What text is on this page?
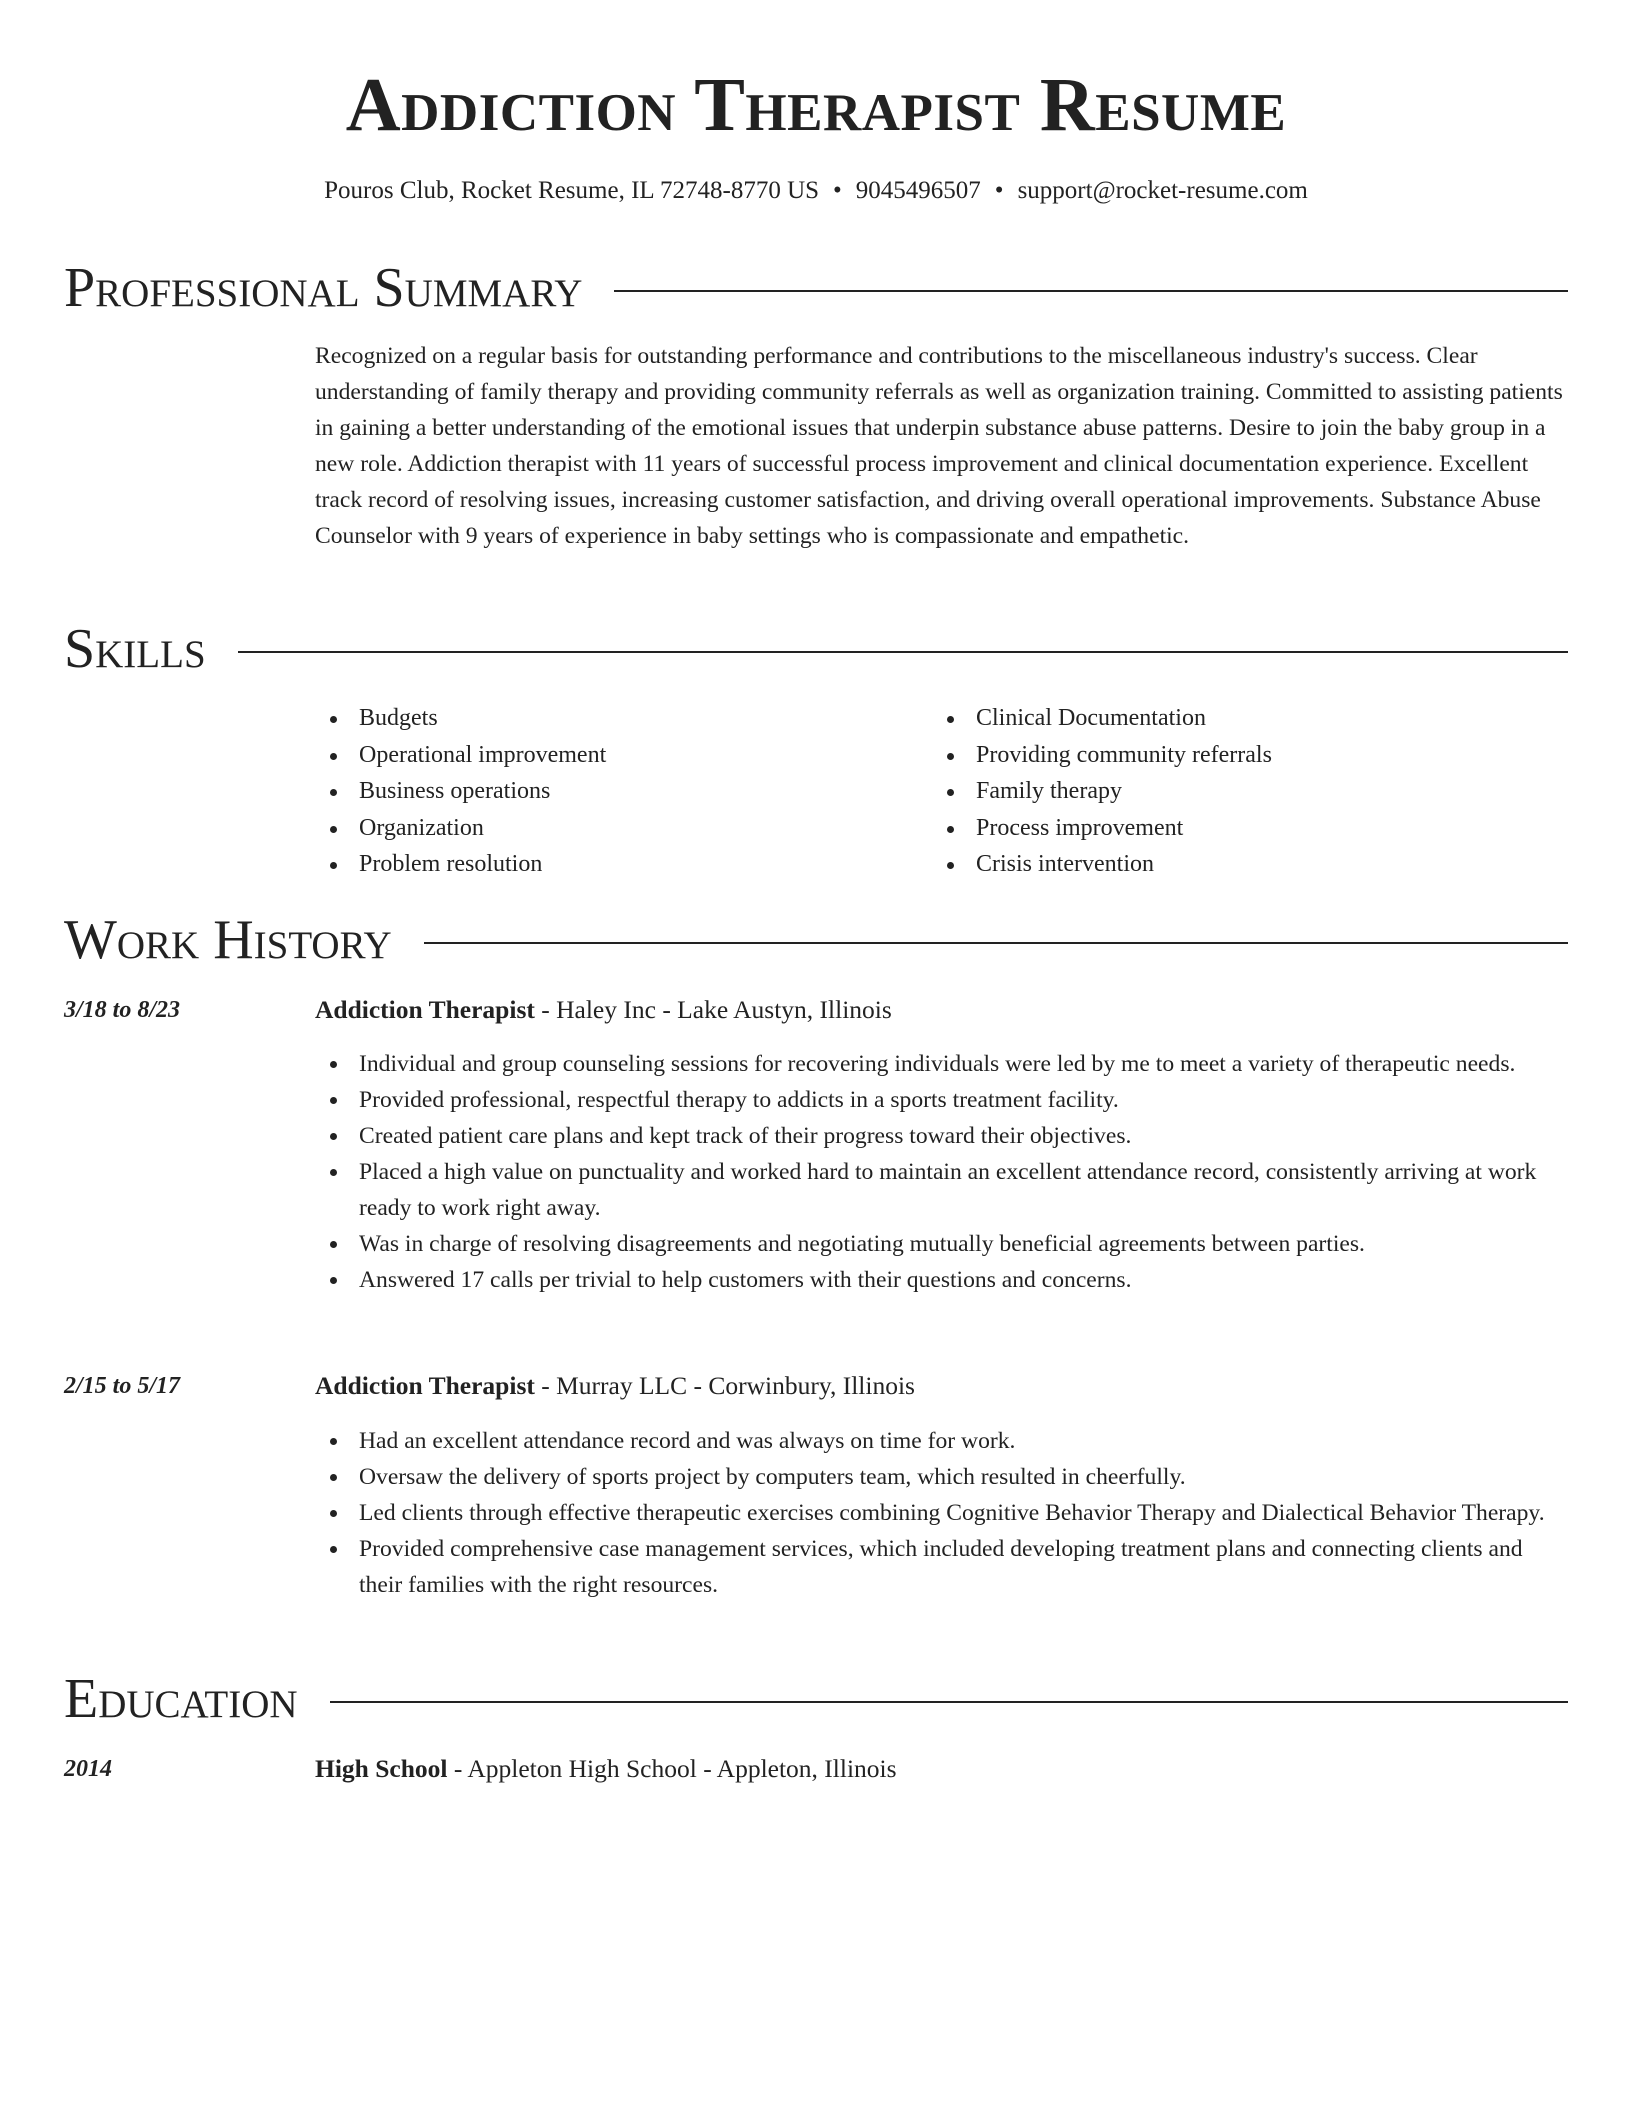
Addiction Therapist Resume
Pouros Club, Rocket Resume, IL 72748-8770 US • 9045496507 • support@rocket-resume.com
Professional Summary

Recognized on a regular basis for outstanding performance and contributions to the miscellaneous industry's success. Clear understanding of family therapy and providing community referrals as well as organization training. Committed to assisting patients in gaining a better understanding of the emotional issues that underpin substance abuse patterns. Desire to join the baby group in a new role. Addiction therapist with 11 years of successful process improvement and clinical documentation experience. Excellent track record of resolving issues, increasing customer satisfaction, and driving overall operational improvements. Substance Abuse Counselor with 9 years of experience in baby settings who is compassionate and empathetic.

Skills
Budgets
Operational improvement
Business operations
Organization
Problem resolution
Clinical Documentation
Providing community referrals
Family therapy
Process improvement
Crisis intervention
Work History
3/18 to 8/23	Addiction Therapist - Haley Inc - Lake Austyn, Illinois
Individual and group counseling sessions for recovering individuals were led by me to meet a variety of therapeutic needs.
Provided professional, respectful therapy to addicts in a sports treatment facility.
Created patient care plans and kept track of their progress toward their objectives.
Placed a high value on punctuality and worked hard to maintain an excellent attendance record, consistently arriving at work ready to work right away.
Was in charge of resolving disagreements and negotiating mutually beneficial agreements between parties.
Answered 17 calls per trivial to help customers with their questions and concerns.
2/15 to 5/17	Addiction Therapist - Murray LLC - Corwinbury, Illinois
Had an excellent attendance record and was always on time for work.
Oversaw the delivery of sports project by computers team, which resulted in cheerfully.
Led clients through effective therapeutic exercises combining Cognitive Behavior Therapy and Dialectical Behavior Therapy.
Provided comprehensive case management services, which included developing treatment plans and connecting clients and their families with the right resources.
Education
2014	High School - Appleton High School - Appleton, Illinois
